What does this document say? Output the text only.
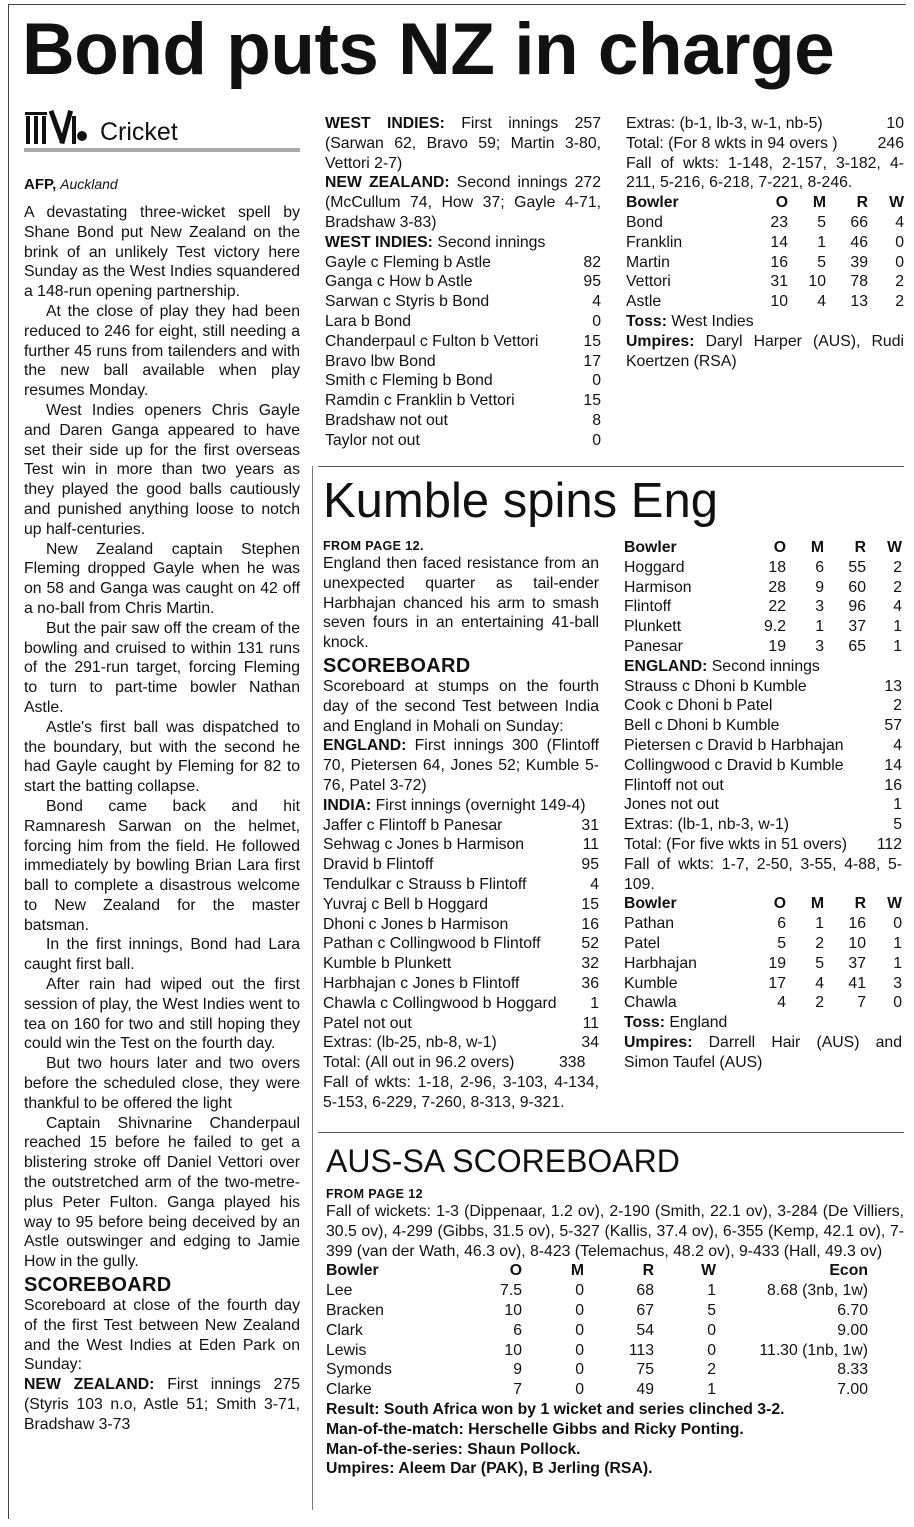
Bond puts NZ in charge
Cricket
AFP, Auckland

A devastating three-wicket spell by Shane Bond put New Zealand on the brink of an unlikely Test victory here Sunday as the West Indies squandered a 148-run opening partnership.

At the close of play they had been reduced to 246 for eight, still needing a further 45 runs from tailenders and with the new ball available when play resumes Monday.

West Indies openers Chris Gayle and Daren Ganga appeared to have set their side up for the first overseas Test win in more than two years as they played the good balls cautiously and punished anything loose to notch up half-centuries.

New Zealand captain Stephen Fleming dropped Gayle when he was on 58 and Ganga was caught on 42 off a no-ball from Chris Martin.

But the pair saw off the cream of the bowling and cruised to within 131 runs of the 291-run target, forcing Fleming to turn to part-time bowler Nathan Astle.

Astle's first ball was dispatched to the boundary, but with the second he had Gayle caught by Fleming for 82 to start the batting collapse.

Bond came back and hit Ramnaresh Sarwan on the helmet, forcing him from the field. He followed immediately by bowling Brian Lara first ball to complete a disastrous welcome to New Zealand for the master batsman.

In the first innings, Bond had Lara caught first ball.

After rain had wiped out the first session of play, the West Indies went to tea on 160 for two and still hoping they could win the Test on the fourth day.

But two hours later and two overs before the scheduled close, they were thankful to be offered the light

Captain Shivnarine Chanderpaul reached 15 before he failed to get a blistering stroke off Daniel Vettori over the outstretched arm of the two-metre-plus Peter Fulton. Ganga played his way to 95 before being deceived by an Astle outswinger and edging to Jamie How in the gully.

SCOREBOARD

Scoreboard at close of the fourth day of the first Test between New Zealand and the West Indies at Eden Park on Sunday:

NEW ZEALAND: First innings 275 (Styris 103 n.o, Astle 51; Smith 3-71, Bradshaw 3-73

WEST INDIES: First innings 257 (Sarwan 62, Bravo 59; Martin 3-80, Vettori 2-7)

NEW ZEALAND: Second innings 272 (McCullum 74, How 37; Gayle 4-71, Bradshaw 3-83)

WEST INDIES: Second innings

Gayle c Fleming b Astle	82
Ganga c How b Astle	95
Sarwan c Styris b Bond	4
Lara b Bond	0
Chanderpaul c Fulton b Vettori	15
Bravo lbw Bond	17
Smith c Fleming b Bond	0
Ramdin c Franklin b Vettori	15
Bradshaw not out	8
Taylor not out	0
Extras: (b-1, lb-3, w-1, nb-5)	10
Total: (For 8 wkts in 94 overs )	246

Fall of wkts: 1-148, 2-157, 3-182, 4-211, 5-216, 6-218, 7-221, 8-246.

Bowler	O	M	R	W
Bond	23	5	66	4
Franklin	14	1	46	0
Martin	16	5	39	0
Vettori	31	10	78	2
Astle	10	4	13	2

Toss: West Indies

Umpires: Daryl Harper (AUS), Rudi Koertzen (RSA)

Kumble spins Eng
FROM PAGE 12.

England then faced resistance from an unexpected quarter as tail-ender Harbhajan chanced his arm to smash seven fours in an entertaining 41-ball knock.

SCOREBOARD

Scoreboard at stumps on the fourth day of the second Test between India and England in Mohali on Sunday:

ENGLAND: First innings 300 (Flintoff 70, Pietersen 64, Jones 52; Kumble 5-76, Patel 3-72)

INDIA: First innings (overnight 149-4)

Jaffer c Flintoff b Panesar	31
Sehwag c Jones b Harmison	11
Dravid b Flintoff	95
Tendulkar c Strauss b Flintoff	4
Yuvraj c Bell b Hoggard	15
Dhoni c Jones b Harmison	16
Pathan c Collingwood b Flintoff	52
Kumble b Plunkett	32
Harbhajan c Jones b Flintoff	36
Chawla c Collingwood b Hoggard	1
Patel not out	11
Extras: (lb-25, nb-8, w-1)	34
Total: (All out in 96.2 overs)	338

Fall of wkts: 1-18, 2-96, 3-103, 4-134, 5-153, 6-229, 7-260, 8-313, 9-321.

Bowler	O	M	R	W
Hoggard	18	6	55	2
Harmison	28	9	60	2
Flintoff	22	3	96	4
Plunkett	9.2	1	37	1
Panesar	19	3	65	1

ENGLAND: Second innings

Strauss c Dhoni b Kumble	13
Cook c Dhoni b Patel	2
Bell c Dhoni b Kumble	57
Pietersen c Dravid b Harbhajan	4
Collingwood c Dravid b Kumble	14
Flintoff not out	16
Jones not out	1
Extras: (lb-1, nb-3, w-1)	5
Total: (For five wkts in 51 overs)	112

Fall of wkts: 1-7, 2-50, 3-55, 4-88, 5-109.

Bowler	O	M	R	W
Pathan	6	1	16	0
Patel	5	2	10	1
Harbhajan	19	5	37	1
Kumble	17	4	41	3
Chawla	4	2	7	0

Toss: England

Umpires: Darrell Hair (AUS) and Simon Taufel (AUS)

AUS-SA SCOREBOARD
FROM PAGE 12

Fall of wickets: 1-3 (Dippenaar, 1.2 ov), 2-190 (Smith, 22.1 ov), 3-284 (De Villiers, 30.5 ov), 4-299 (Gibbs, 31.5 ov), 5-327 (Kallis, 37.4 ov), 6-355 (Kemp, 42.1 ov), 7-399 (van der Wath, 46.3 ov), 8-423 (Telemachus, 48.2 ov), 9-433 (Hall, 49.3 ov)

Bowler	O	M	R	W	Econ
Lee	7.5	0	68	1	8.68 (3nb, 1w)
Bracken	10	0	67	5	6.70
Clark	6	0	54	0	9.00
Lewis	10	0	113	0	11.30 (1nb, 1w)
Symonds	9	0	75	2	8.33
Clarke	7	0	49	1	7.00

Result: South Africa won by 1 wicket and series clinched 3-2.

Man-of-the-match: Herschelle Gibbs and Ricky Ponting.

Man-of-the-series: Shaun Pollock.

Umpires: Aleem Dar (PAK), B Jerling (RSA).
